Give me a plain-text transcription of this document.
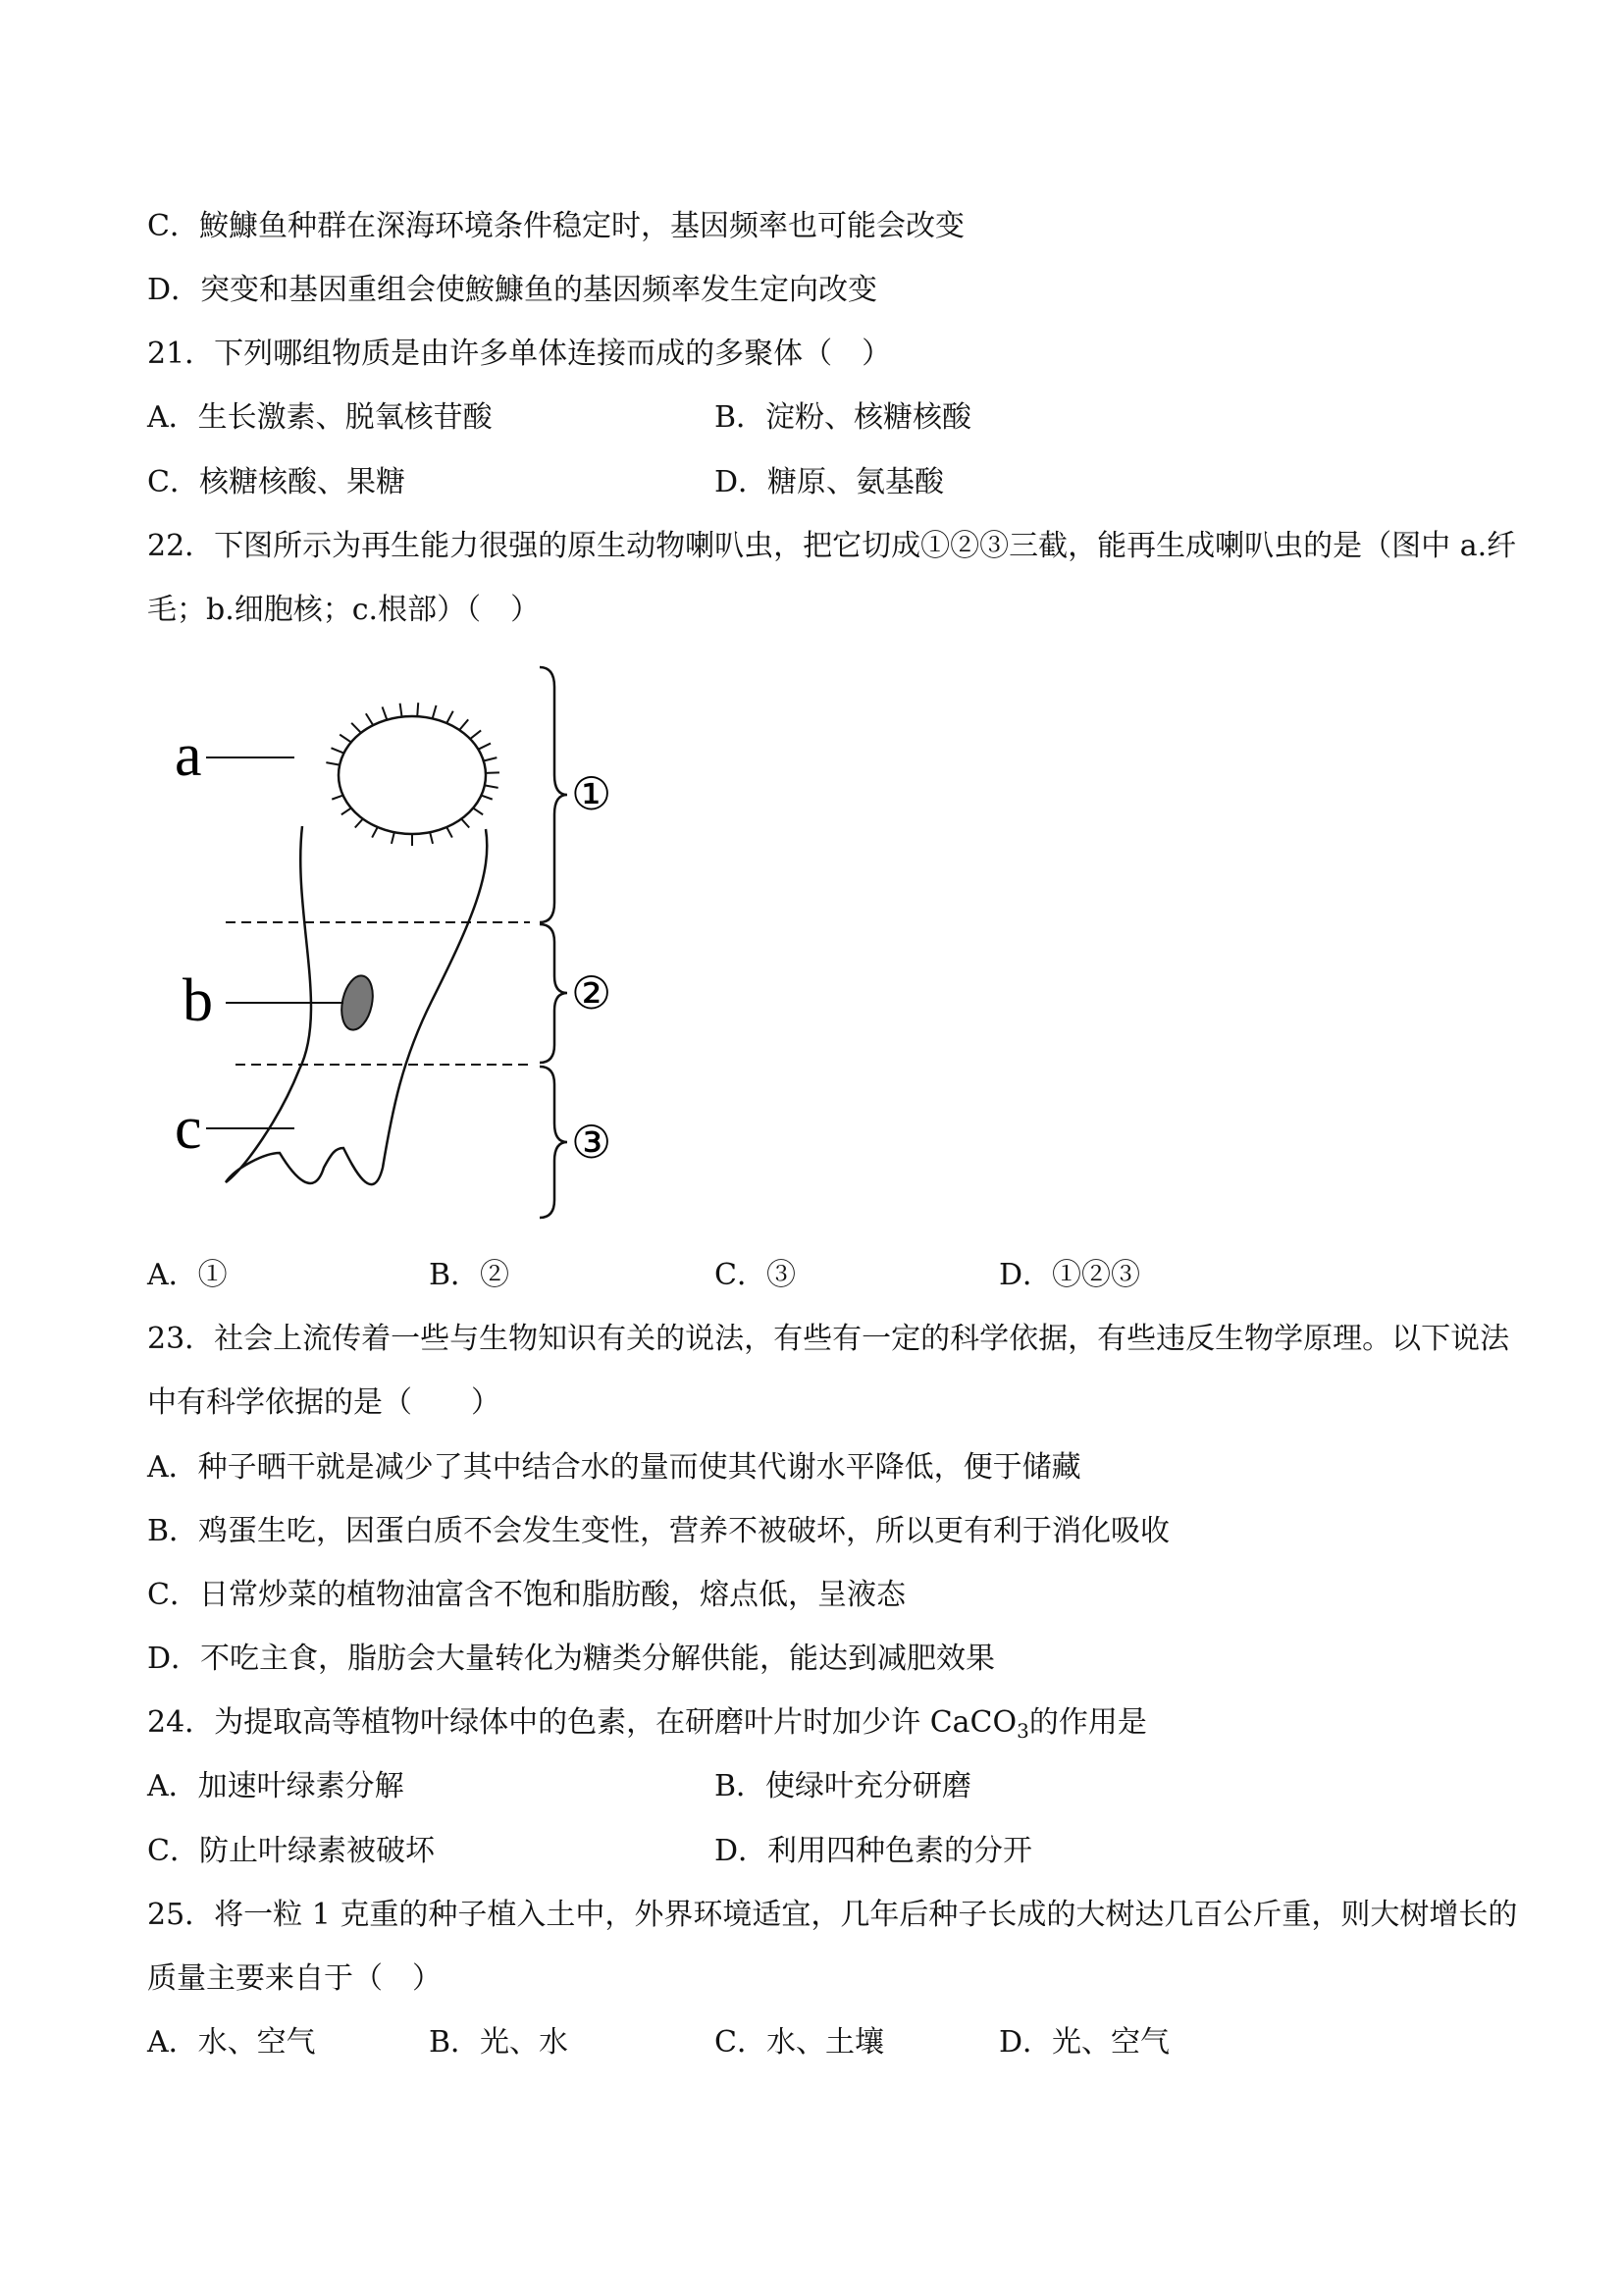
C．鮟鱇鱼种群在深海环境条件稳定时，基因频率也可能会改变
D．突变和基因重组会使鮟鱇鱼的基因频率发生定向改变
21．下列哪组物质是由许多单体连接而成的多聚体（　）
A．生长激素、脱氧核苷酸	B．淀粉、核糖核酸
C．核糖核酸、果糖	D．糖原、氨基酸
22．下图所示为再生能力很强的原生动物喇叭虫，把它切成①②③三截，能再生成喇叭虫的是（图中 a.纤
毛；b.细胞核；c.根部）（　）
a
b
c
①
②
③
A．①	B．②	C．③	D．①②③
23．社会上流传着一些与生物知识有关的说法，有些有一定的科学依据，有些违反生物学原理。以下说法
中有科学依据的是（　　）
A．种子晒干就是减少了其中结合水的量而使其代谢水平降低，便于储藏
B．鸡蛋生吃，因蛋白质不会发生变性，营养不被破坏，所以更有利于消化吸收
C．日常炒菜的植物油富含不饱和脂肪酸，熔点低，呈液态
D．不吃主食，脂肪会大量转化为糖类分解供能，能达到减肥效果
24．为提取高等植物叶绿体中的色素，在研磨叶片时加少许 CaCO$_3$的作用是
A．加速叶绿素分解	B．使绿叶充分研磨
C．防止叶绿素被破坏	D．利用四种色素的分开
25．将一粒 1 克重的种子植入土中，外界环境适宜，几年后种子长成的大树达几百公斤重，则大树增长的
质量主要来自于（　）
A．水、空气	B．光、水	C．水、土壤	D．光、空气
